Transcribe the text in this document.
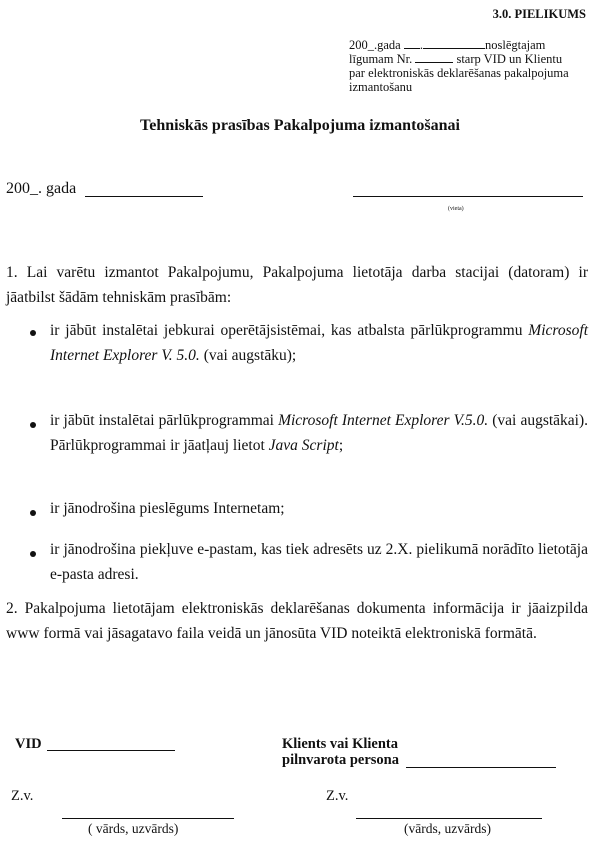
3.0. PIELIKUMS
200_.gada .	noslēgtajam
līgumam Nr.	starp VID un Klientu
par elektroniskās deklarēšanas pakalpojuma
izmantošanu
Tehniskās prasības Pakalpojuma izmantošanai
200_. gada
(vieta)
1. Lai varētu izmantot Pakalpojumu, Pakalpojuma lietotāja darba stacijai (datoram) ir jāatbilst šādām tehniskām prasībām:
ir jābūt instalētai jebkurai operētājsistēmai, kas atbalsta pārlūkprogrammu Microsoft Internet Explorer V. 5.0. (vai augstāku);
ir jābūt instalētai pārlūkprogrammai Microsoft Internet Explorer V.5.0. (vai augstākai). Pārlūkprogrammai ir jāatļauj lietot Java Script;
ir jānodrošina pieslēgums Internetam;
ir jānodrošina piekļuve e-pastam, kas tiek adresēts uz 2.X. pielikumā norādīto lietotāja e-pasta adresi.
2. Pakalpojuma lietotājam elektroniskās deklarēšanas dokumenta informācija ir jāaizpilda www formā vai jāsagatavo faila veidā un jānosūta VID noteiktā elektroniskā formātā.
VID	Klients vai Klienta
pilnvarota persona
Z.v.	Z.v.
( vārds, uzvārds)	(vārds, uzvārds)
